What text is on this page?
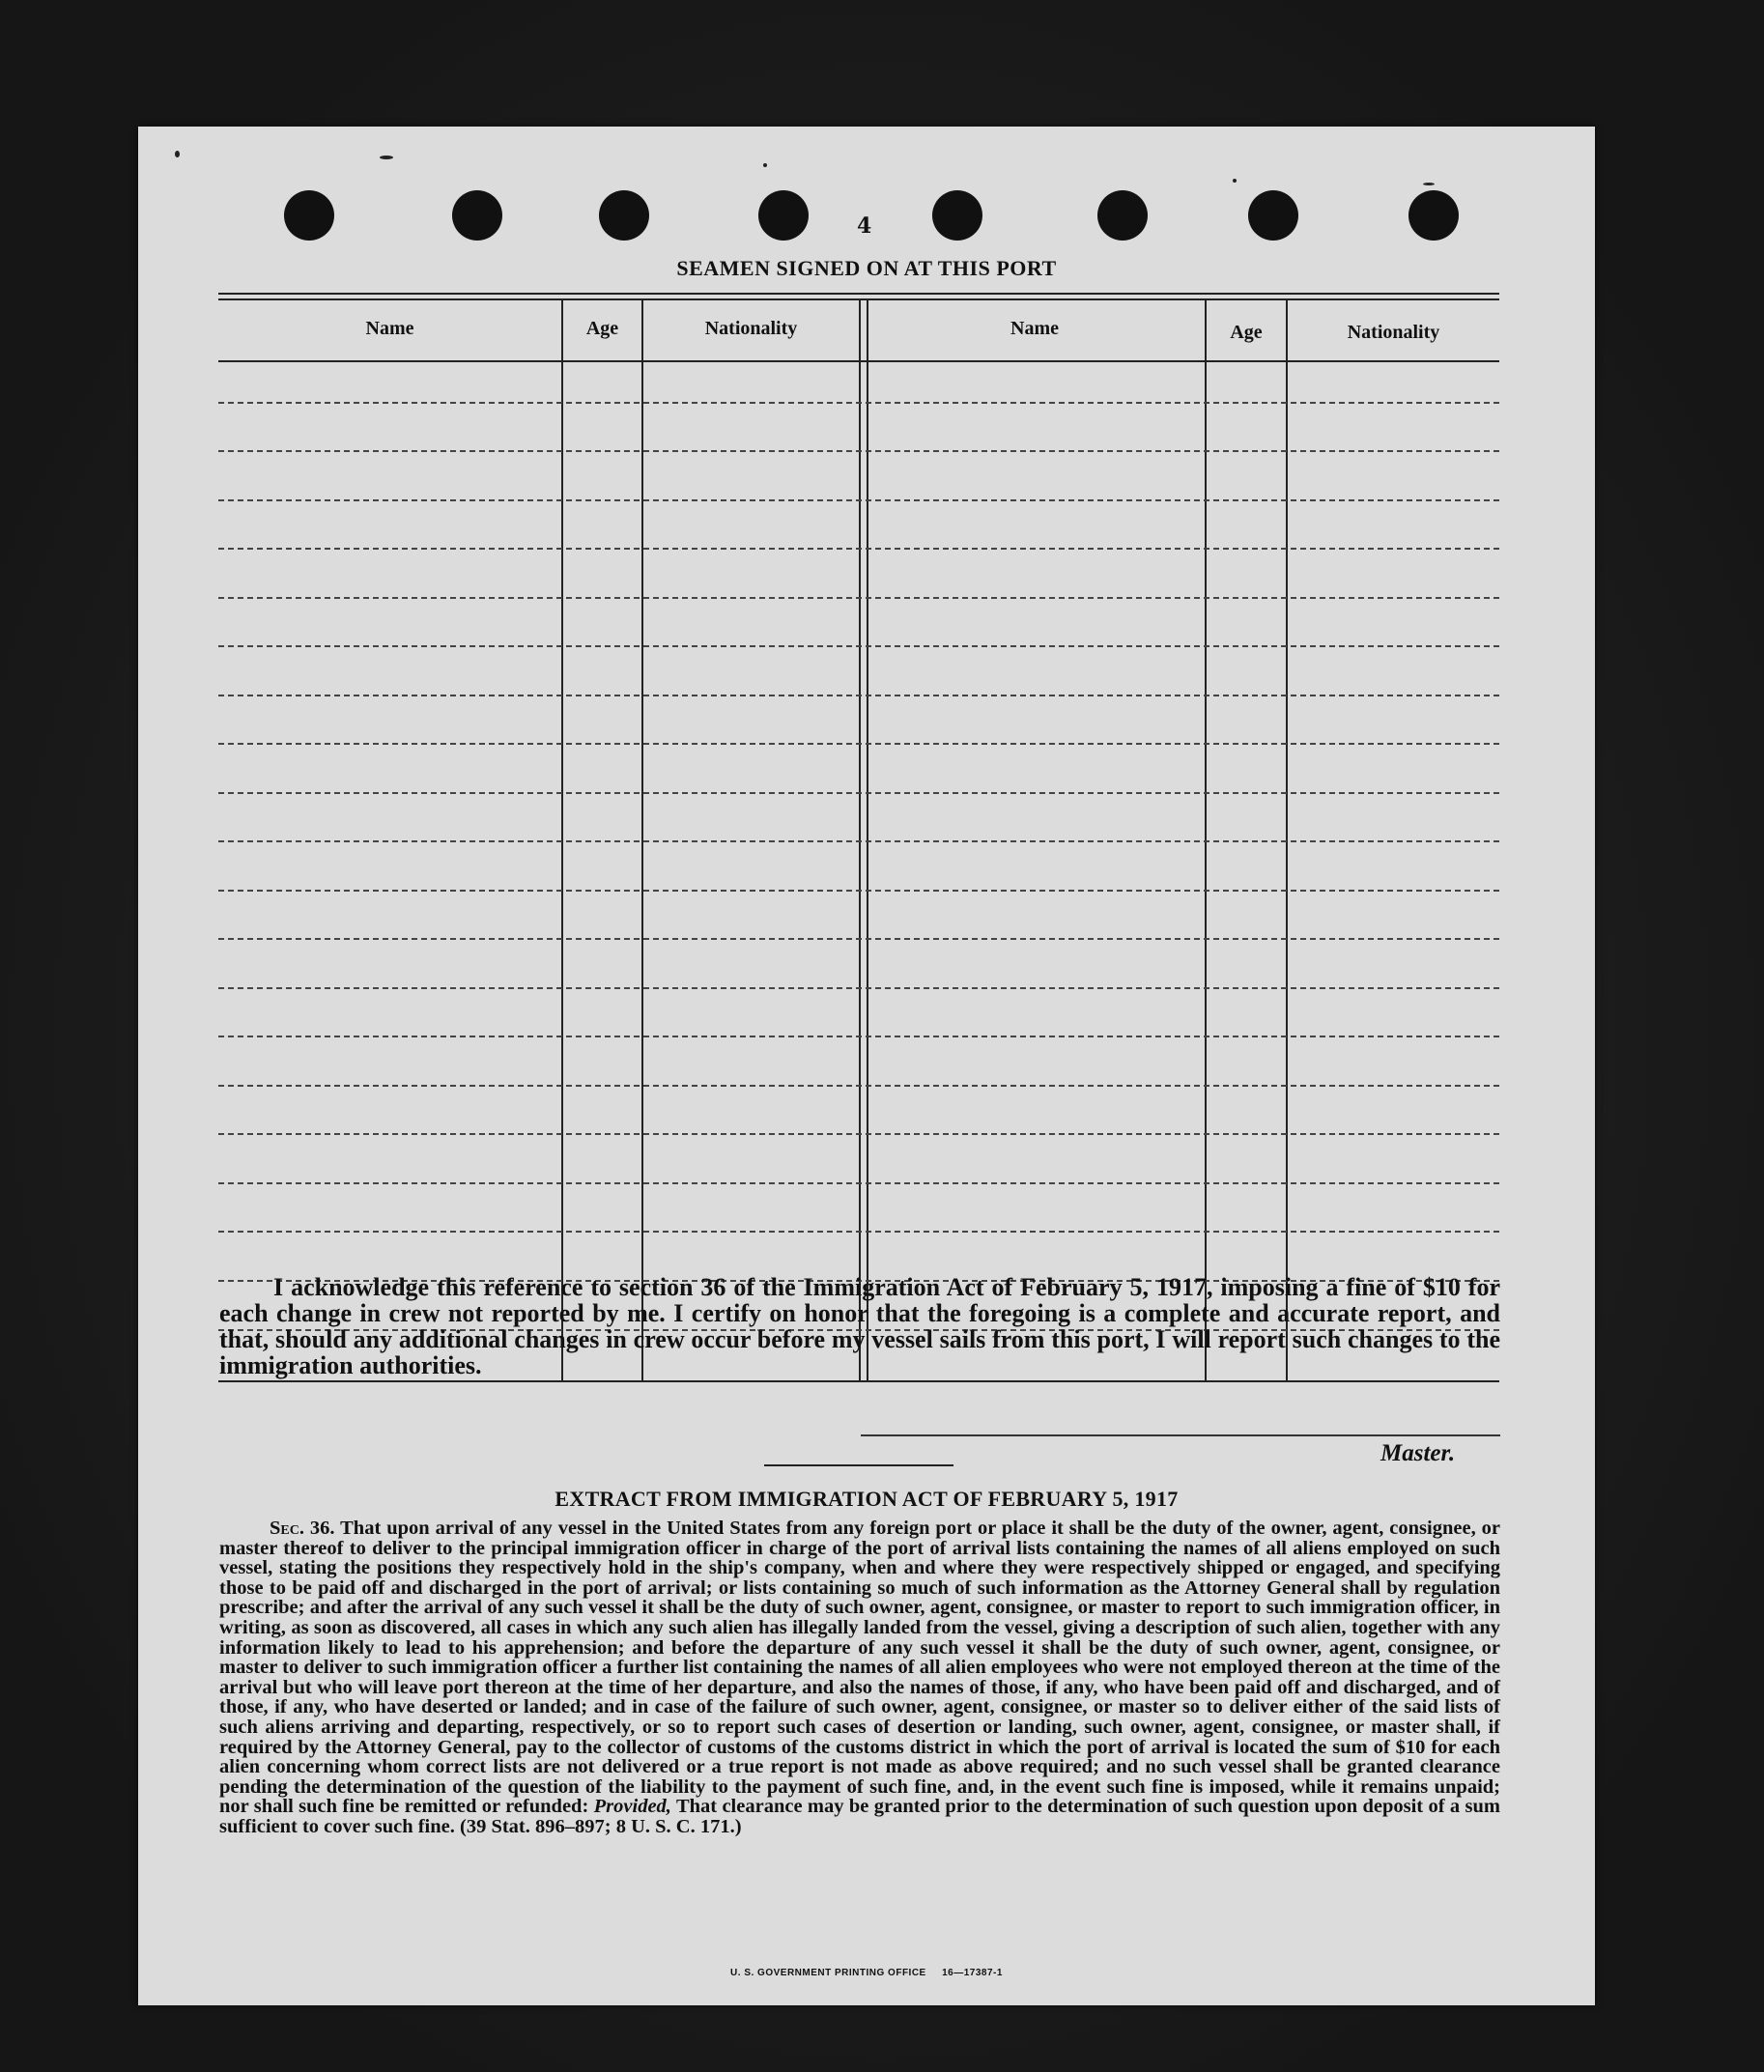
4
SEAMEN SIGNED ON AT THIS PORT
Name	Age	Nationality	Name	Age	Nationality
I acknowledge this reference to section 36 of the Immigration Act of February 5, 1917, imposing a fine of $10 for each change in crew not reported by me. I certify on honor that the foregoing is a complete and accurate report, and that, should any additional changes in crew occur before my vessel sails from this port, I will report such changes to the immigration authorities.
Master.
EXTRACT FROM IMMIGRATION ACT OF FEBRUARY 5, 1917
Sec. 36. That upon arrival of any vessel in the United States from any foreign port or place it shall be the duty of the owner, agent, consignee, or master thereof to deliver to the principal immigration officer in charge of the port of arrival lists containing the names of all aliens employed on such vessel, stating the positions they respectively hold in the ship's company, when and where they were respectively shipped or engaged, and specifying those to be paid off and discharged in the port of arrival; or lists containing so much of such information as the Attorney General shall by regulation prescribe; and after the arrival of any such vessel it shall be the duty of such owner, agent, consignee, or master to report to such immigration officer, in writing, as soon as discovered, all cases in which any such alien has illegally landed from the vessel, giving a description of such alien, together with any information likely to lead to his apprehension; and before the departure of any such vessel it shall be the duty of such owner, agent, consignee, or master to deliver to such immigration officer a further list containing the names of all alien employees who were not employed thereon at the time of the arrival but who will leave port thereon at the time of her departure, and also the names of those, if any, who have been paid off and discharged, and of those, if any, who have deserted or landed; and in case of the failure of such owner, agent, consignee, or master so to deliver either of the said lists of such aliens arriving and departing, respectively, or so to report such cases of desertion or landing, such owner, agent, consignee, or master shall, if required by the Attorney General, pay to the collector of customs of the customs district in which the port of arrival is located the sum of $10 for each alien concerning whom correct lists are not delivered or a true report is not made as above required; and no such vessel shall be granted clearance pending the determination of the question of the liability to the payment of such fine, and, in the event such fine is imposed, while it remains unpaid; nor shall such fine be remitted or refunded: Provided, That clearance may be granted prior to the determination of such question upon deposit of a sum sufficient to cover such fine. (39 Stat. 896–897; 8 U. S. C. 171.)
U. S. GOVERNMENT PRINTING OFFICE     16—17387-1
